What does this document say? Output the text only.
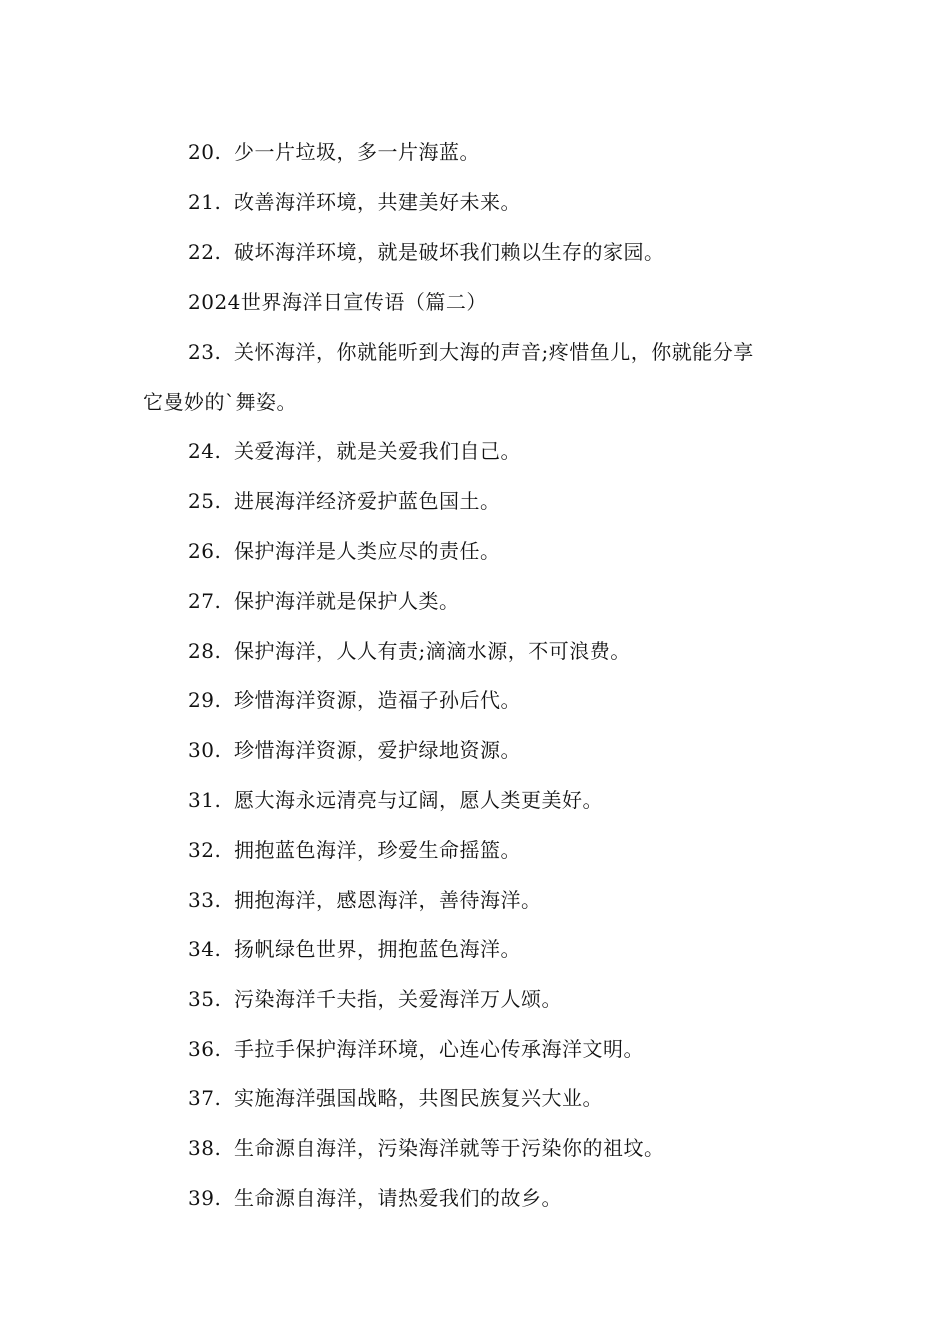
20. 少一片垃圾，多一片海蓝。
21. 改善海洋环境，共建美好未来。
22. 破坏海洋环境，就是破坏我们赖以生存的家园。
2024世界海洋日宣传语（篇二）
23. 关怀海洋，你就能听到大海的声音;疼惜鱼儿，你就能分享
它曼妙的`舞姿。
24. 关爱海洋，就是关爱我们自己。
25. 进展海洋经济爱护蓝色国土。
26. 保护海洋是人类应尽的责任。
27. 保护海洋就是保护人类。
28. 保护海洋，人人有责;滴滴水源，不可浪费。
29. 珍惜海洋资源，造福子孙后代。
30. 珍惜海洋资源，爱护绿地资源。
31. 愿大海永远清亮与辽阔，愿人类更美好。
32. 拥抱蓝色海洋，珍爱生命摇篮。
33. 拥抱海洋，感恩海洋，善待海洋。
34. 扬帆绿色世界，拥抱蓝色海洋。
35. 污染海洋千夫指，关爱海洋万人颂。
36. 手拉手保护海洋环境，心连心传承海洋文明。
37. 实施海洋强国战略，共图民族复兴大业。
38. 生命源自海洋，污染海洋就等于污染你的祖坟。
39. 生命源自海洋，请热爱我们的故乡。
